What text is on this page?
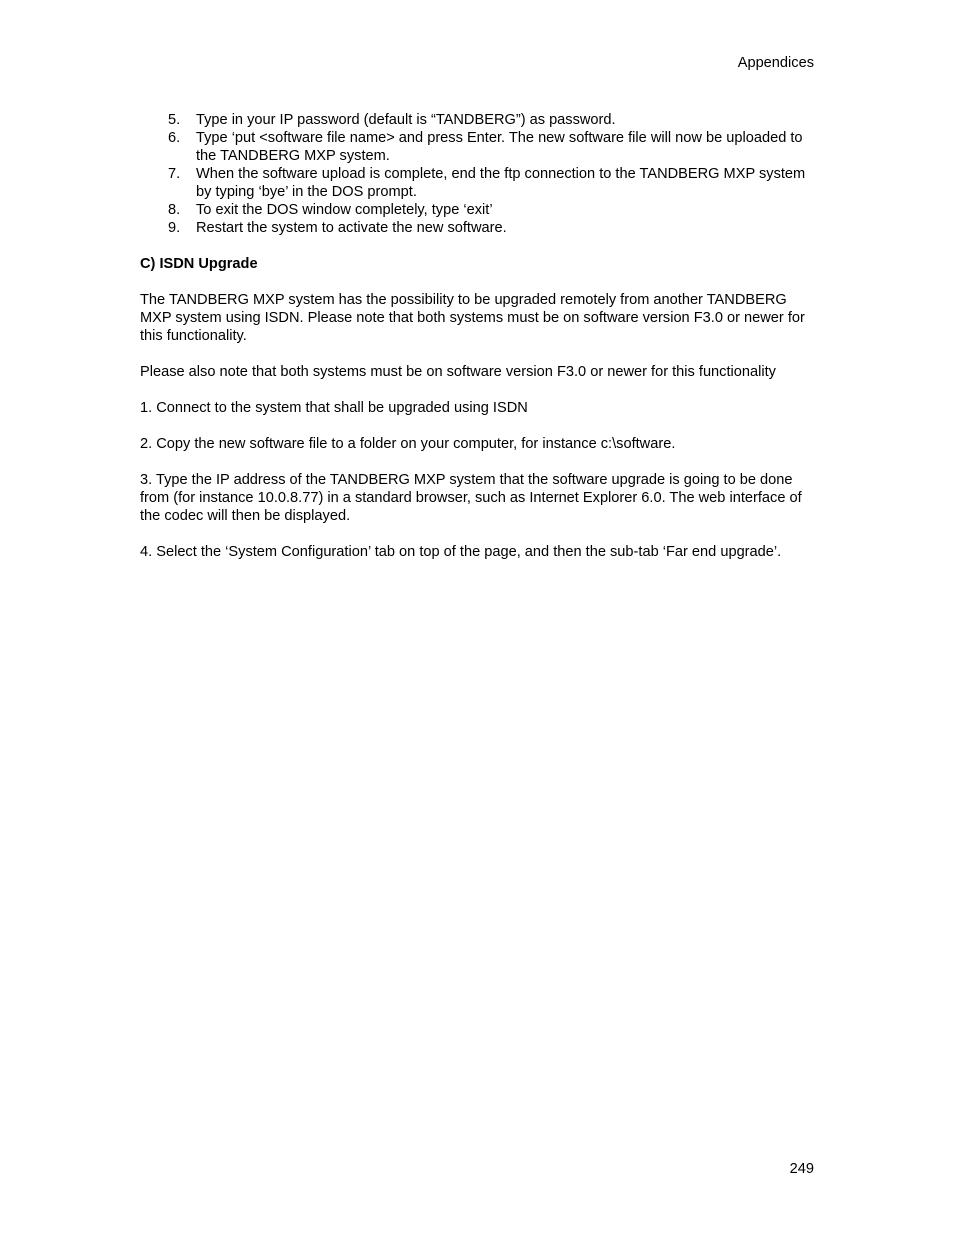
Appendices
5. Type in your IP password (default is “TANDBERG”) as password.
6. Type ‘put <software file name> and press Enter. The new software file will now be uploaded to the TANDBERG MXP system.
7. When the software upload is complete, end the ftp connection to the TANDBERG MXP system by typing ‘bye’ in the DOS prompt.
8. To exit the DOS window completely, type ‘exit’
9. Restart the system to activate the new software.
C) ISDN Upgrade

The TANDBERG MXP system has the possibility to be upgraded remotely from another TANDBERG MXP system using ISDN. Please note that both systems must be on software version F3.0 or newer for this functionality.

Please also note that both systems must be on software version F3.0 or newer for this functionality

1. Connect to the system that shall be upgraded using ISDN

2. Copy the new software file to a folder on your computer, for instance c:\software.

3. Type the IP address of the TANDBERG MXP system that the software upgrade is going to be done from (for instance 10.0.8.77) in a standard browser, such as Internet Explorer 6.0. The web interface of the codec will then be displayed.

4. Select the ‘System Configuration’ tab on top of the page, and then the sub-tab ‘Far end upgrade’.

249
